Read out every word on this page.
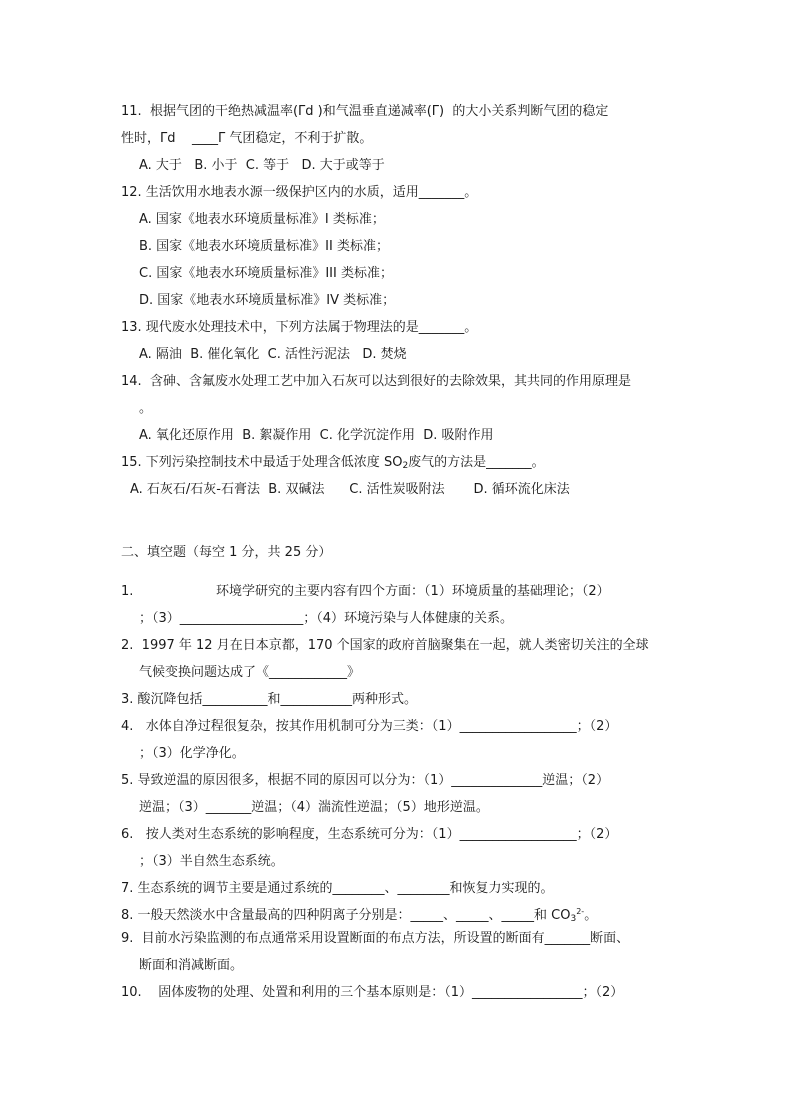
11.  根据气团的干绝热减温率(Γd )和气温垂直递减率(Γ)  的大小关系判断气团的稳定
性时，Γd    ____Γ 气团稳定，不利于扩散。
A. 大于   B. 小于  C. 等于   D. 大于或等于
12. 生活饮用水地表水源一级保护区内的水质，适用_______。
A. 国家《地表水环境质量标准》I 类标准；
B. 国家《地表水环境质量标准》II 类标准；
C. 国家《地表水环境质量标准》III 类标准；
D. 国家《地表水环境质量标准》IV 类标准；
13. 现代废水处理技术中，下列方法属于物理法的是_______。
A. 隔油  B. 催化氧化  C. 活性污泥法   D. 焚烧
14.  含砷、含氟废水处理工艺中加入石灰可以达到很好的去除效果，其共同的作用原理是
。
A. 氧化还原作用  B. 絮凝作用  C. 化学沉淀作用  D. 吸附作用
15. 下列污染控制技术中最适于处理含低浓度 $SO_2$废气的方法是_______。
A. 石灰石/石灰-石膏法  B. 双碱法      C. 活性炭吸附法       D. 循环流化床法
二、填空题（每空 1 分，共 25 分）
1.                    环境学研究的主要内容有四个方面：（1）环境质量的基础理论；（2）
；（3）___________________；（4）环境污染与人体健康的关系。
2.  1997 年 12 月在日本京都，170 个国家的政府首脑聚集在一起，就人类密切关注的全球
气候变换问题达成了《____________》
3. 酸沉降包括__________和___________两种形式。
4.   水体自净过程很复杂，按其作用机制可分为三类：（1）__________________；（2）
；（3）化学净化。
5. 导致逆温的原因很多，根据不同的原因可以分为：（1）______________逆温；（2）
逆温；（3）_______逆温；（4）湍流性逆温；（5）地形逆温。
6.   按人类对生态系统的影响程度，生态系统可分为：（1）__________________；（2）
；（3）半自然生态系统。
7. 生态系统的调节主要是通过系统的________、________和恢复力实现的。
8. 一般天然淡水中含量最高的四种阴离子分别是：_____、_____、_____和 $CO_3^{2-}$。
9.  目前水污染监测的布点通常采用设置断面的布点方法，所设置的断面有_______断面、
断面和消减断面。
10.    固体废物的处理、处置和利用的三个基本原则是：（1）_________________；（2）
